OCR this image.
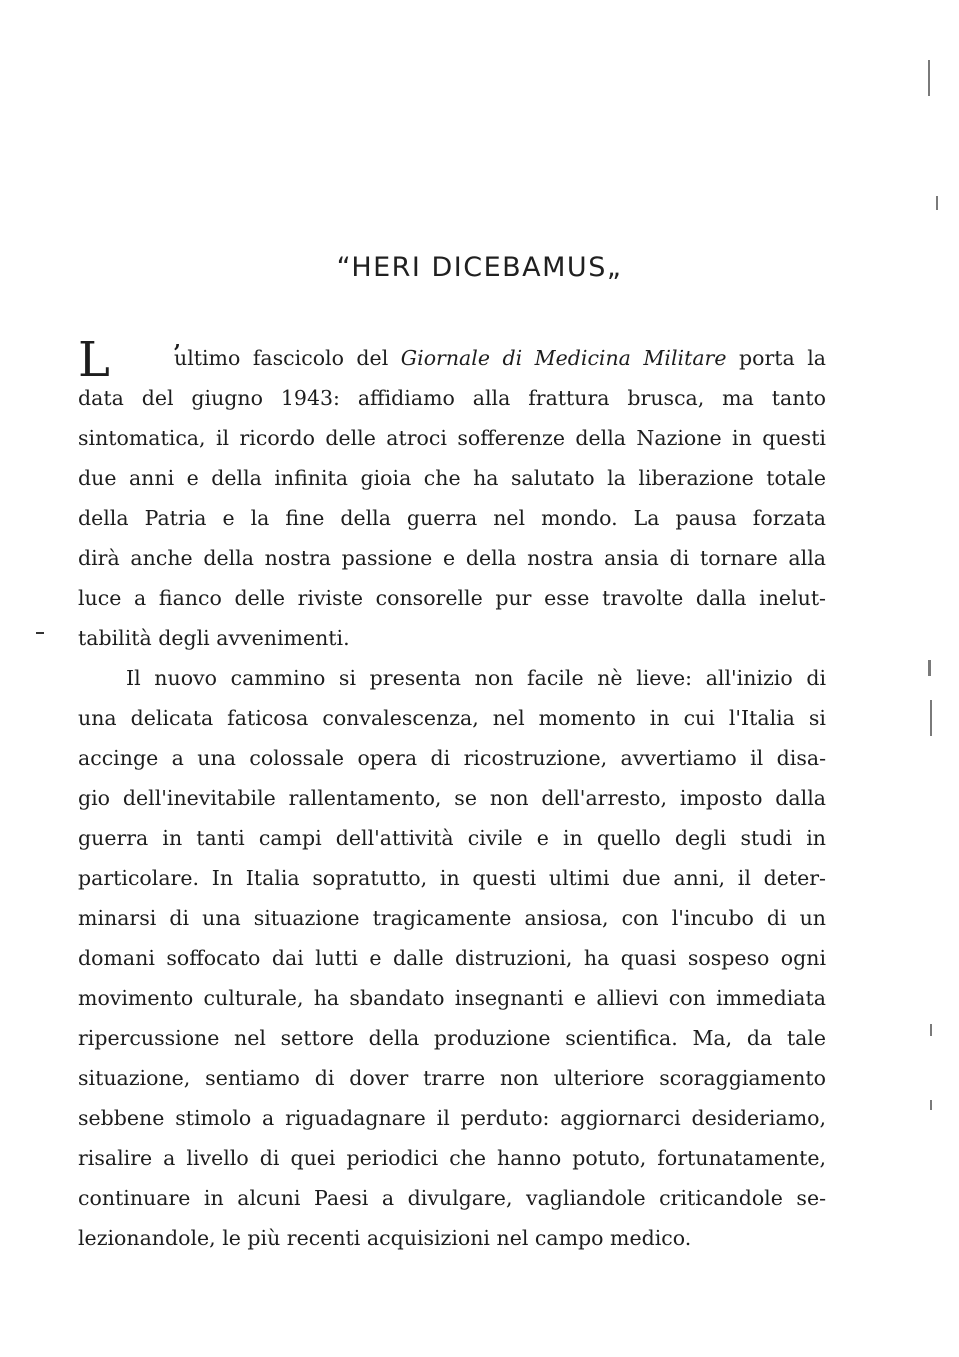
“HERI DICEBAMUS„
L	,
ultimo fascicolo del Giornale di Medicina Militare porta la
data del giugno 1943: affidiamo alla frattura brusca, ma tanto
sintomatica, il ricordo delle atroci sofferenze della Nazione in questi
due anni e della infinita gioia che ha salutato la liberazione totale
della Patria e la fine della guerra nel mondo. La pausa forzata
dirà anche della nostra passione e della nostra ansia di tornare alla
luce a fianco delle riviste consorelle pur esse travolte dalla inelut-
tabilità degli avvenimenti.
Il nuovo cammino si presenta non facile nè lieve: all'inizio di
una delicata faticosa convalescenza, nel momento in cui l'Italia si
accinge a una colossale opera di ricostruzione, avvertiamo il disa-
gio dell'inevitabile rallentamento, se non dell'arresto, imposto dalla
guerra in tanti campi dell'attività civile e in quello degli studi in
particolare. In Italia sopratutto, in questi ultimi due anni, il deter-
minarsi di una situazione tragicamente ansiosa, con l'incubo di un
domani soffocato dai lutti e dalle distruzioni, ha quasi sospeso ogni
movimento culturale, ha sbandato insegnanti e allievi con immediata
ripercussione nel settore della produzione scientifica. Ma, da tale
situazione, sentiamo di dover trarre non ulteriore scoraggiamento
sebbene stimolo a riguadagnare il perduto: aggiornarci desideriamo,
risalire a livello di quei periodici che hanno potuto, fortunatamente,
continuare in alcuni Paesi a divulgare, vagliandole criticandole se-
lezionandole, le più recenti acquisizioni nel campo medico.
